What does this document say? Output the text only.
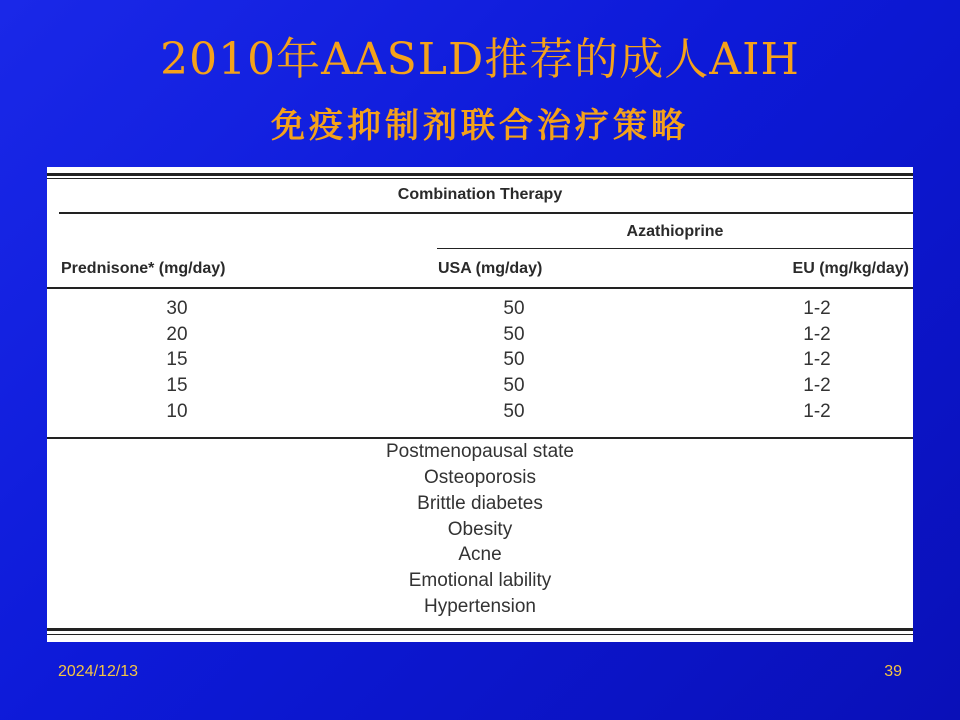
2010年AASLD推荐的成人AIH
免疫抑制剂联合治疗策略
Combination Therapy
Azathioprine
Prednisone* (mg/day)	USA (mg/day)	EU (mg/kg/day)
30	50	1-2
20	50	1-2
15	50	1-2
15	50	1-2
10	50	1-2
Postmenopausal state
Osteoporosis
Brittle diabetes
Obesity
Acne
Emotional lability
Hypertension
2024/12/13	39
